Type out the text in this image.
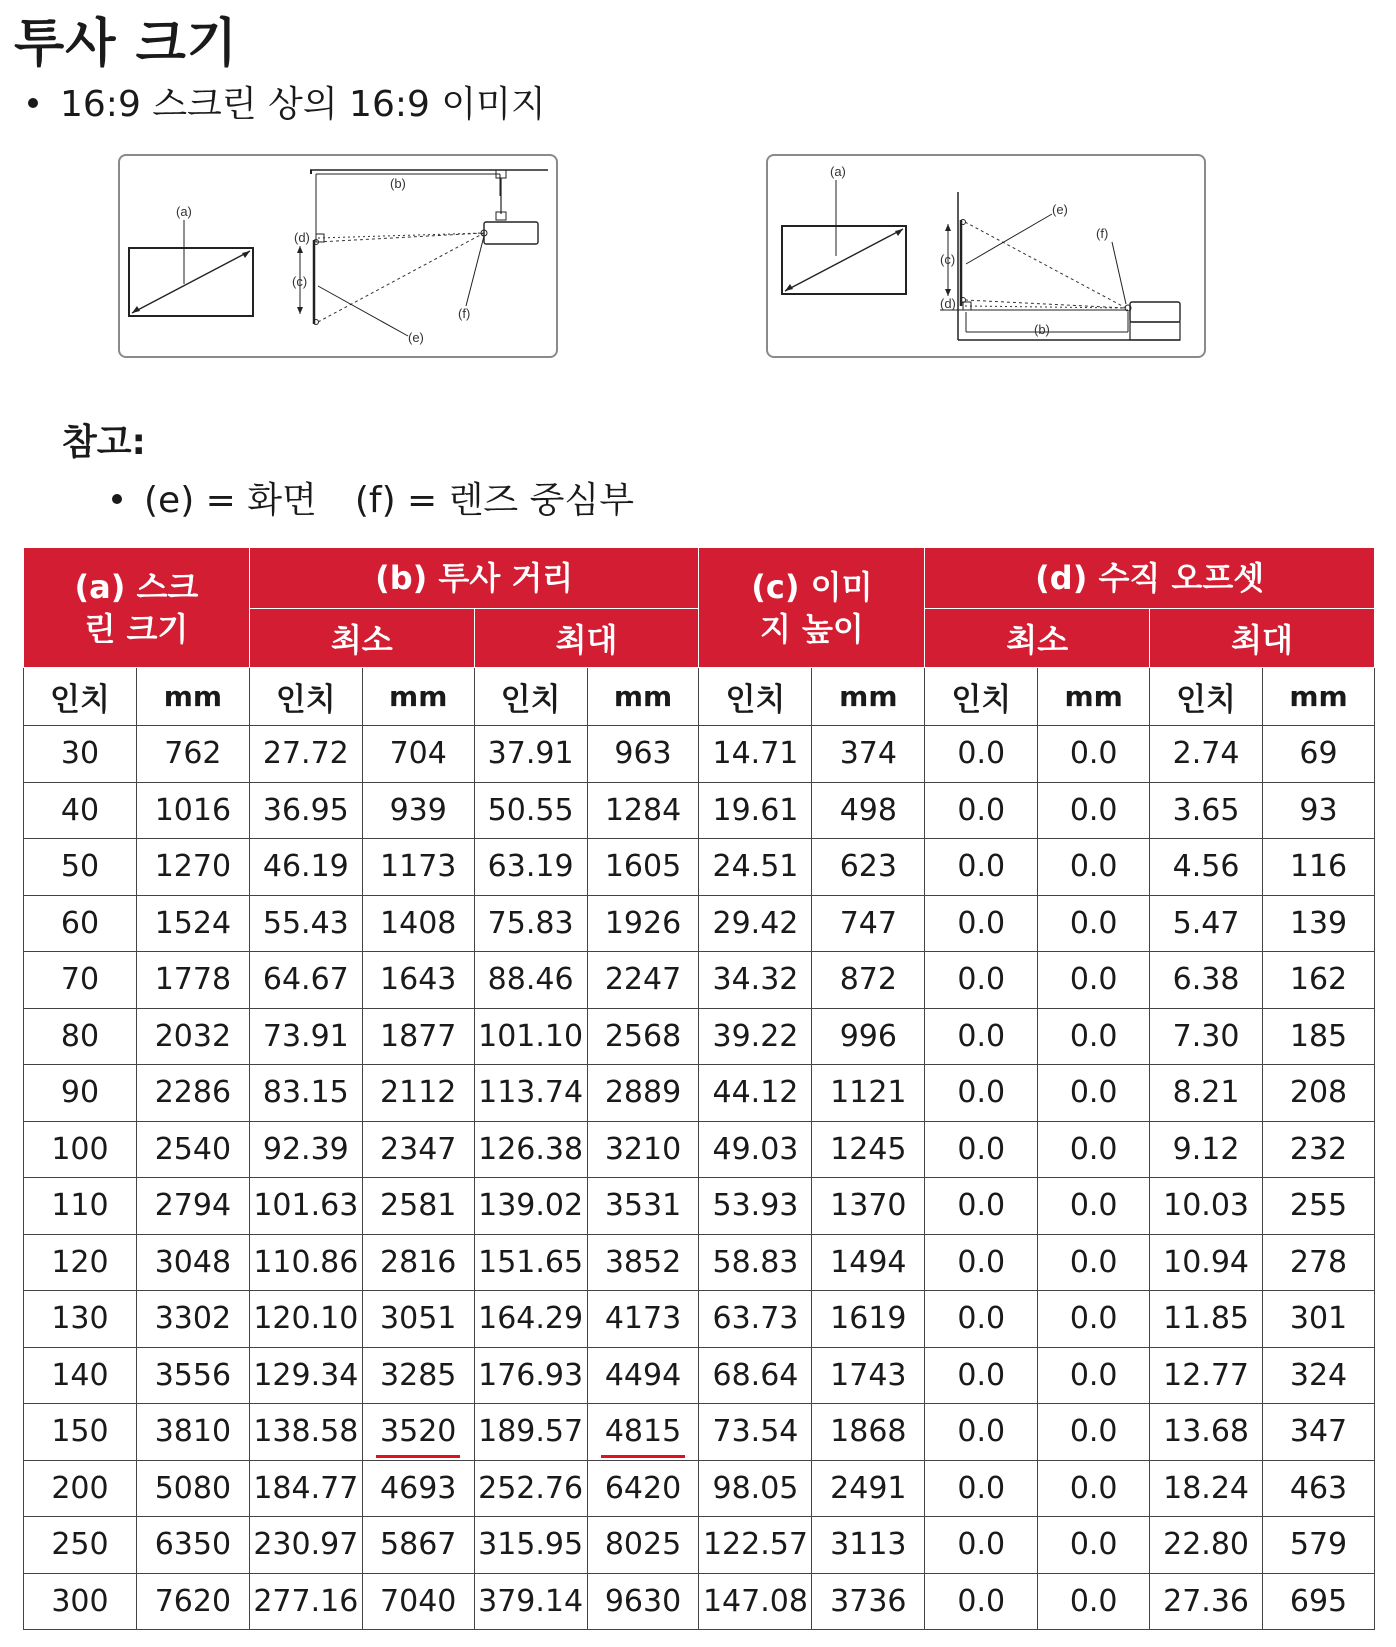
투사 크기
16:9 스크린 상의 16:9 이미지
(b)
(a)
(d)
(c)
(f)
(e)
(a)
(c)
(d)
(b)
(e)
(f)
참고:
(e) = 화면 (f) = 렌즈 중심부
(a) 스크린 크기		(b) 투사 거리				(c) 이미지 높이		(d) 수직 오프셋			
		최소		최대				최소		최대	
인치	mm	인치	mm	인치	mm	인치	mm	인치	mm	인치	mm
30	762	27.72	704	37.91	963	14.71	374	0.0	0.0	2.74	69
40	1016	36.95	939	50.55	1284	19.61	498	0.0	0.0	3.65	93
50	1270	46.19	1173	63.19	1605	24.51	623	0.0	0.0	4.56	116
60	1524	55.43	1408	75.83	1926	29.42	747	0.0	0.0	5.47	139
70	1778	64.67	1643	88.46	2247	34.32	872	0.0	0.0	6.38	162
80	2032	73.91	1877	101.10	2568	39.22	996	0.0	0.0	7.30	185
90	2286	83.15	2112	113.74	2889	44.12	1121	0.0	0.0	8.21	208
100	2540	92.39	2347	126.38	3210	49.03	1245	0.0	0.0	9.12	232
110	2794	101.63	2581	139.02	3531	53.93	1370	0.0	0.0	10.03	255
120	3048	110.86	2816	151.65	3852	58.83	1494	0.0	0.0	10.94	278
130	3302	120.10	3051	164.29	4173	63.73	1619	0.0	0.0	11.85	301
140	3556	129.34	3285	176.93	4494	68.64	1743	0.0	0.0	12.77	324
150	3810	138.58	3520	189.57	4815	73.54	1868	0.0	0.0	13.68	347
200	5080	184.77	4693	252.76	6420	98.05	2491	0.0	0.0	18.24	463
250	6350	230.97	5867	315.95	8025	122.57	3113	0.0	0.0	22.80	579
300	7620	277.16	7040	379.14	9630	147.08	3736	0.0	0.0	27.36	695
